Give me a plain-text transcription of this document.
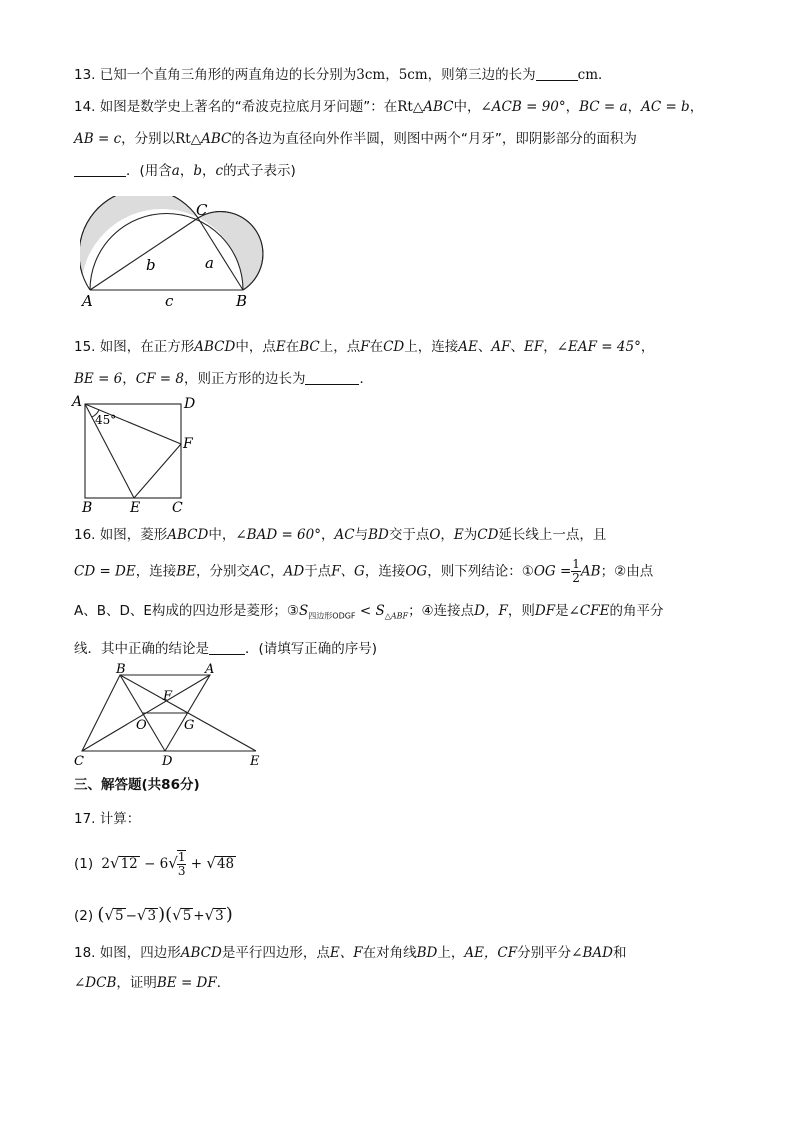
13. 已知一个直角三角形的两直角边的长分别为3cm，5cm，则第三边的长为	cm．
14. 如图是数学史上著名的“希波克拉底月牙问题”：在Rt△ABC中，∠ACB = 90°，BC = a，AC = b，
AB = c，分别以Rt△ABC的各边为直径向外作半圆，则图中两个“月牙”，即阴影部分的面积为
．(用含a，b，c的式子表示)
C
A	B
a
b
c
15. 如图，在正方形ABCD中，点E在BC上，点F在CD上，连接AE、AF、EF，∠EAF = 45°，
BE = 6，CF = 8，则正方形的边长为	．
A	D
B	E C
F
45°
16. 如图，菱形ABCD中，∠BAD = 60°，AC与BD交于点O，E为CD延长线上一点，且
CD = DE，连接BE，分别交AC，AD于点F、G，连接OG，则下列结论：①OG = $\frac{1}{2}$ AB；②由点
A、B、D、E构成的四边形是菱形；$③S_{四边形ODGF} < S_{\triangle ABF}$；④连接点D，F，则DF是∠CFE的角平分
线．其中正确的结论是	．(请填写正确的序号)
B	A
F
O	G
C	D	E
三、解答题(共86分)
17. 计算：
(1) $2√12 - 6√ \frac{1}{3} + √48$
(2) (√5 −√3 )(√5 +√3 )
18. 如图，四边形ABCD是平行四边形，点E、F在对角线BD上，AE，CF分别平分∠BAD和
∠DCB，证明BE = DF．
